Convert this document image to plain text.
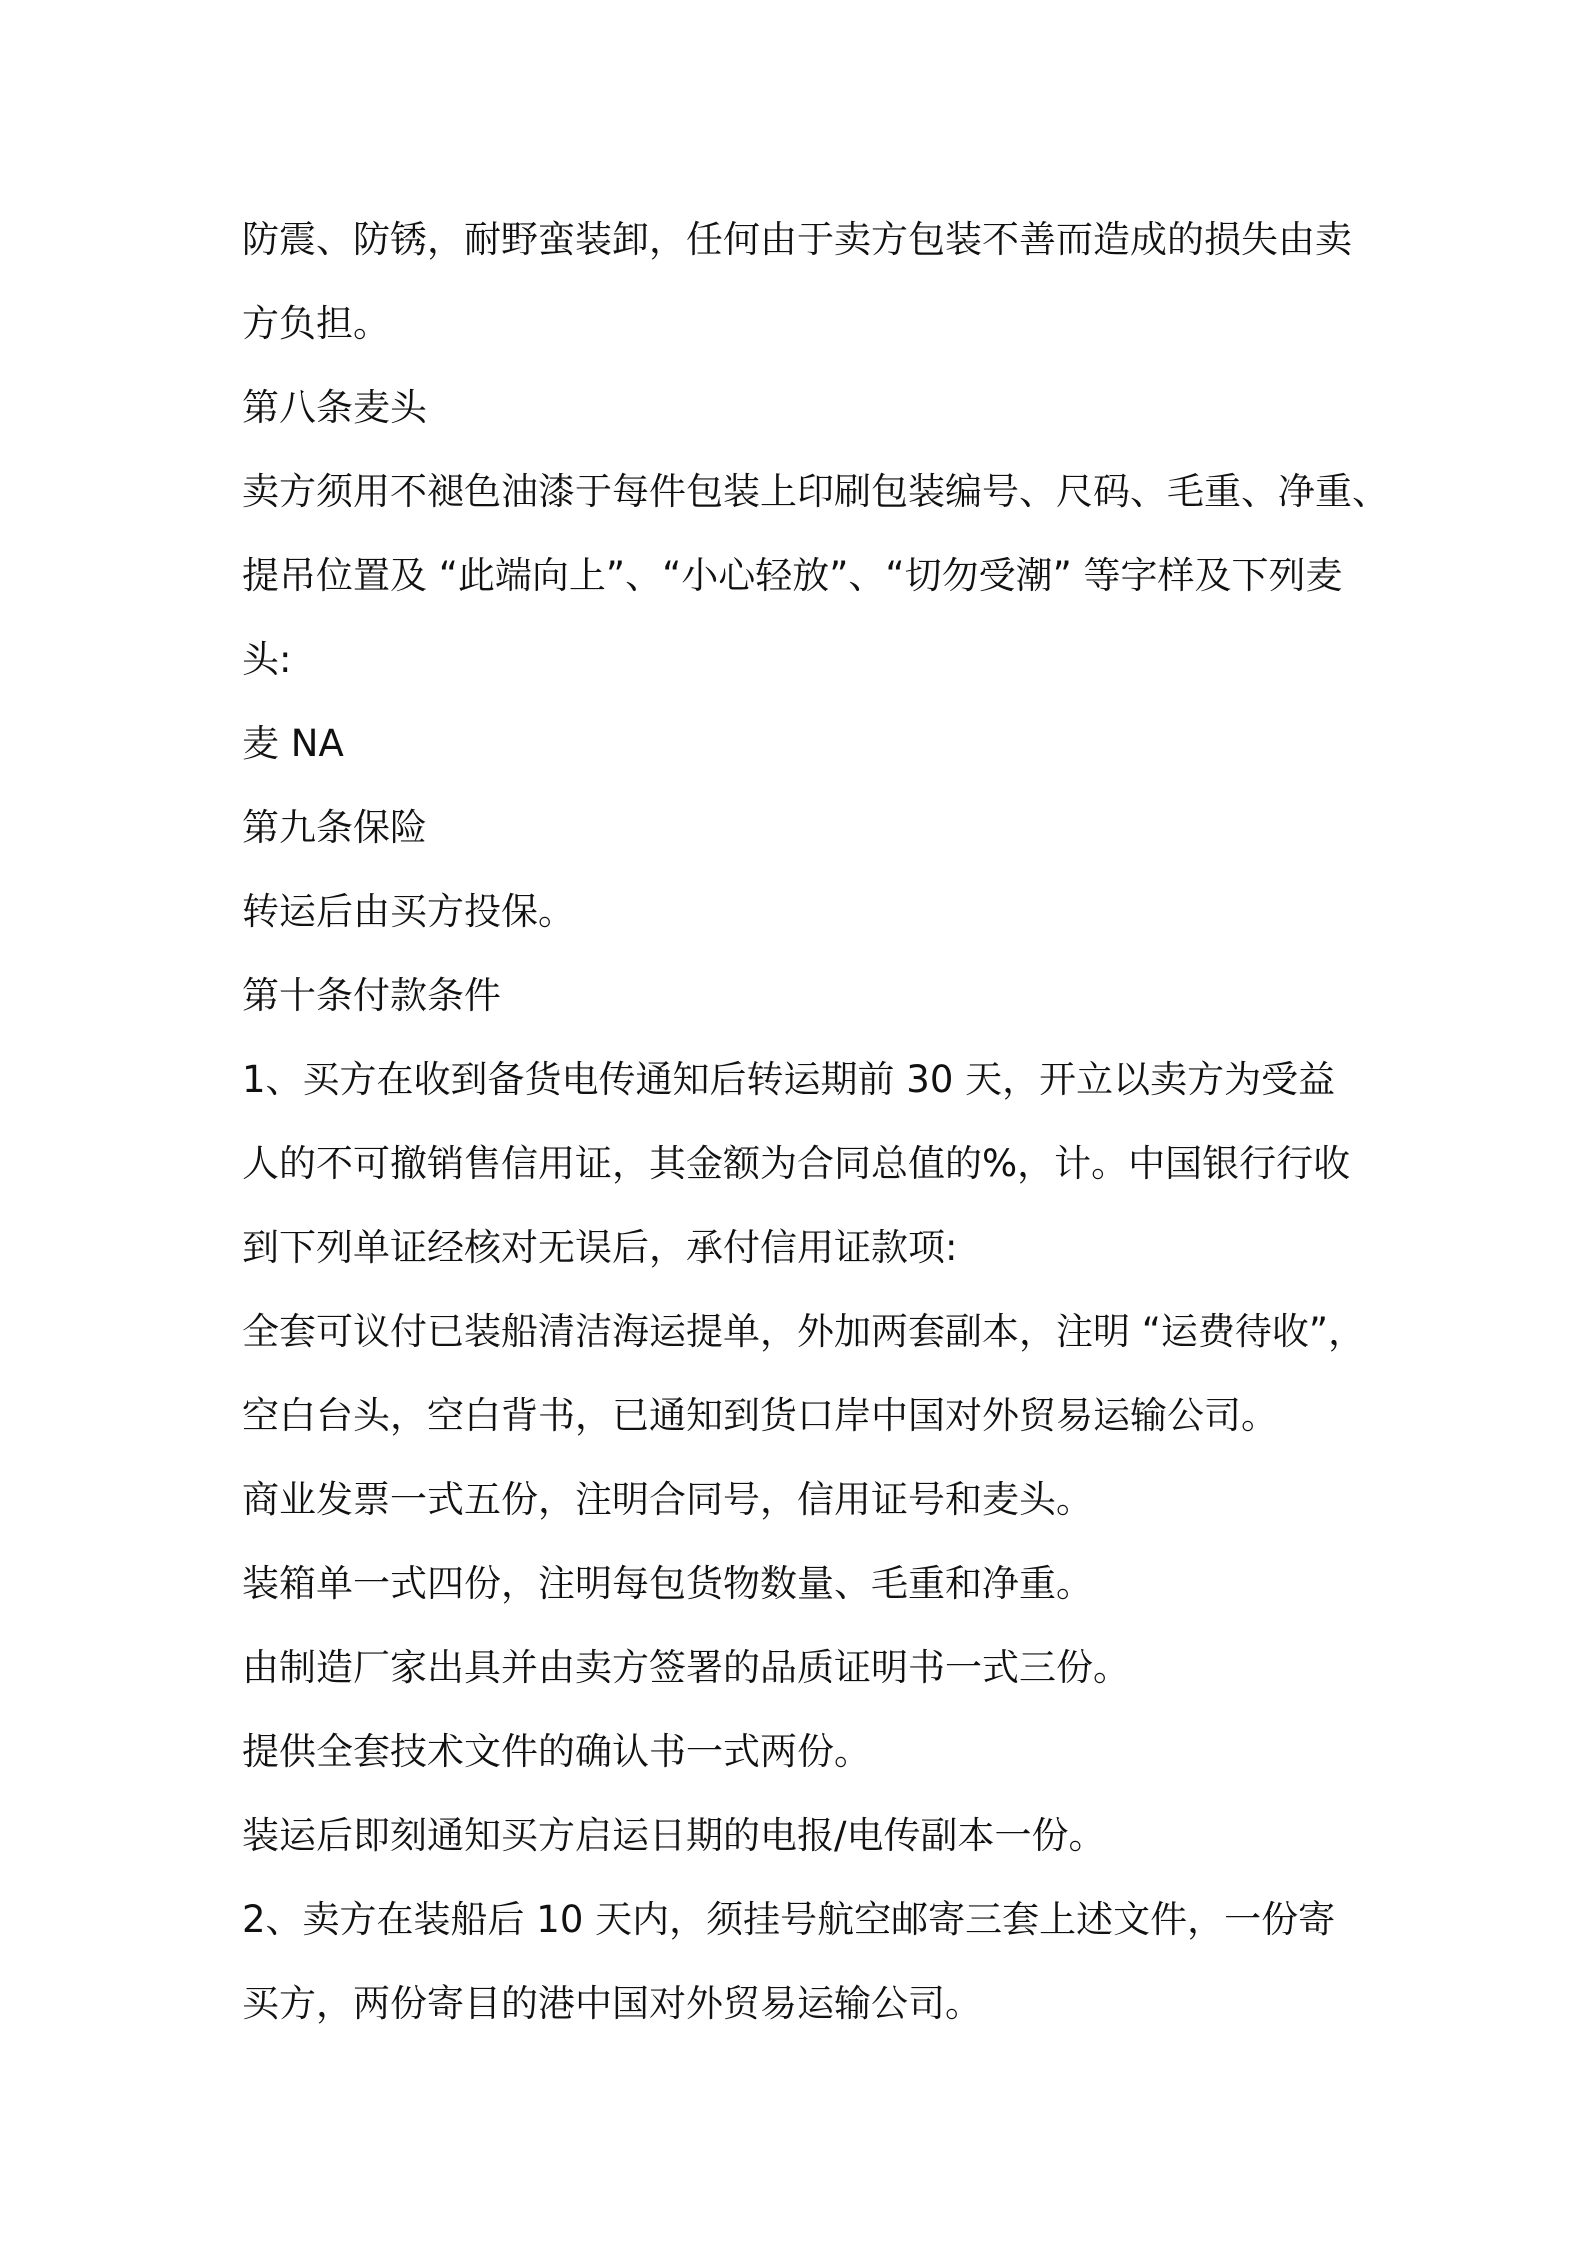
防震、防锈，耐野蛮装卸，任何由于卖方包装不善而造成的损失由卖

方负担。

第八条麦头

卖方须用不褪色油漆于每件包装上印刷包装编号、尺码、毛重、净重、

提吊位置及 “此端向上”、“小心轻放”、“切勿受潮” 等字样及下列麦

头:

麦 NA

第九条保险

转运后由买方投保。

第十条付款条件

1、买方在收到备货电传通知后转运期前 30 天，开立以卖方为受益

人的不可撤销售信用证，其金额为合同总值的%，计。中国银行行收

到下列单证经核对无误后，承付信用证款项:

全套可议付已装船清洁海运提单，外加两套副本，注明 “运费待收”，

空白台头，空白背书，已通知到货口岸中国对外贸易运输公司。

商业发票一式五份，注明合同号，信用证号和麦头。

装箱单一式四份，注明每包货物数量、毛重和净重。

由制造厂家出具并由卖方签署的品质证明书一式三份。

提供全套技术文件的确认书一式两份。

装运后即刻通知买方启运日期的电报/电传副本一份。

2、卖方在装船后 10 天内，须挂号航空邮寄三套上述文件，一份寄

买方，两份寄目的港中国对外贸易运输公司。
